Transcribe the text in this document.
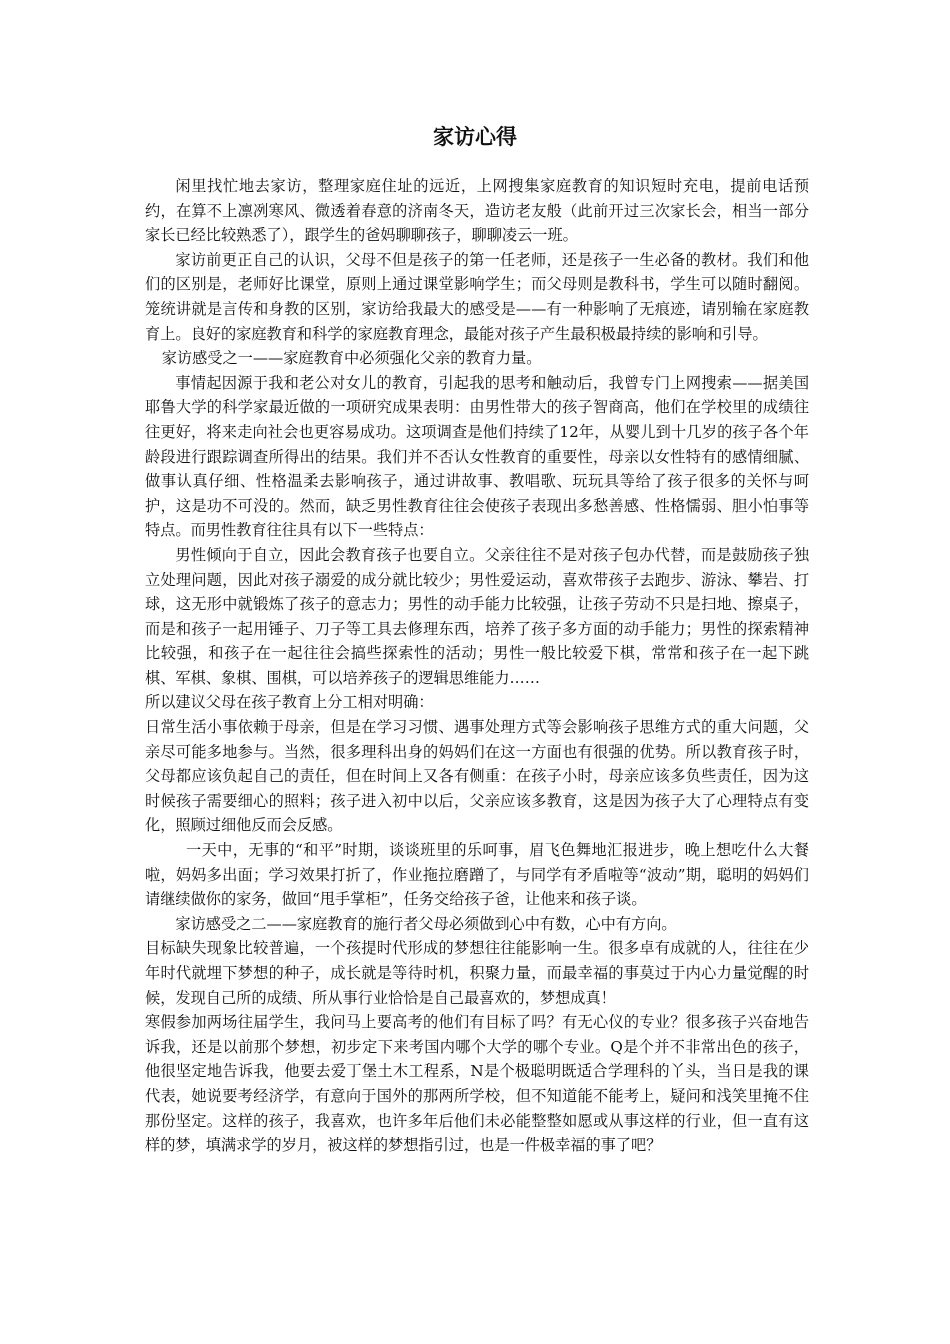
家访心得

闲里找忙地去家访，整理家庭住址的远近，上网搜集家庭教育的知识短时充电，提前电话预约，在算不上凛冽寒风、微透着春意的济南冬天，造访老友般（此前开过三次家长会，相当一部分家长已经比较熟悉了），跟学生的爸妈聊聊孩子，聊聊凌云一班。

家访前更正自己的认识，父母不但是孩子的第一任老师，还是孩子一生必备的教材。我们和他们的区别是，老师好比课堂，原则上通过课堂影响学生；而父母则是教科书，学生可以随时翻阅。笼统讲就是言传和身教的区别，家访给我最大的感受是——有一种影响了无痕迹，请别输在家庭教育上。良好的家庭教育和科学的家庭教育理念，最能对孩子产生最积极最持续的影响和引导。

家访感受之一——家庭教育中必须强化父亲的教育力量。

事情起因源于我和老公对女儿的教育，引起我的思考和触动后，我曾专门上网搜索——据美国耶鲁大学的科学家最近做的一项研究成果表明：由男性带大的孩子智商高，他们在学校里的成绩往往更好，将来走向社会也更容易成功。这项调查是他们持续了12年，从婴儿到十几岁的孩子各个年龄段进行跟踪调查所得出的结果。我们并不否认女性教育的重要性，母亲以女性特有的感情细腻、做事认真仔细、性格温柔去影响孩子，通过讲故事、教唱歌、玩玩具等给了孩子很多的关怀与呵护，这是功不可没的。然而，缺乏男性教育往往会使孩子表现出多愁善感、性格懦弱、胆小怕事等特点。而男性教育往往具有以下一些特点：

男性倾向于自立，因此会教育孩子也要自立。父亲往往不是对孩子包办代替，而是鼓励孩子独立处理问题，因此对孩子溺爱的成分就比较少；男性爱运动，喜欢带孩子去跑步、游泳、攀岩、打球，这无形中就锻炼了孩子的意志力；男性的动手能力比较强，让孩子劳动不只是扫地、擦桌子，而是和孩子一起用锤子、刀子等工具去修理东西，培养了孩子多方面的动手能力；男性的探索精神比较强，和孩子在一起往往会搞些探索性的活动；男性一般比较爱下棋，常常和孩子在一起下跳棋、军棋、象棋、围棋，可以培养孩子的逻辑思维能力……

所以建议父母在孩子教育上分工相对明确：

日常生活小事依赖于母亲，但是在学习习惯、遇事处理方式等会影响孩子思维方式的重大问题，父亲尽可能多地参与。当然，很多理科出身的妈妈们在这一方面也有很强的优势。所以教育孩子时，父母都应该负起自己的责任，但在时间上又各有侧重：在孩子小时，母亲应该多负些责任，因为这时候孩子需要细心的照料；孩子进入初中以后，父亲应该多教育，这是因为孩子大了心理特点有变化，照顾过细他反而会反感。

一天中，无事的“和平”时期，谈谈班里的乐呵事，眉飞色舞地汇报进步，晚上想吃什么大餐啦，妈妈多出面；学习效果打折了，作业拖拉磨蹭了，与同学有矛盾啦等“波动”期，聪明的妈妈们请继续做你的家务，做回“甩手掌柜”，任务交给孩子爸，让他来和孩子谈。

家访感受之二——家庭教育的施行者父母必须做到心中有数，心中有方向。

目标缺失现象比较普遍，一个孩提时代形成的梦想往往能影响一生。很多卓有成就的人，往往在少年时代就埋下梦想的种子，成长就是等待时机，积聚力量，而最幸福的事莫过于内心力量觉醒的时候，发现自己所的成绩、所从事行业恰恰是自己最喜欢的，梦想成真！

寒假参加两场往届学生，我问马上要高考的他们有目标了吗？有无心仪的专业？很多孩子兴奋地告诉我，还是以前那个梦想，初步定下来考国内哪个大学的哪个专业。Q是个并不非常出色的孩子，他很坚定地告诉我，他要去爱丁堡土木工程系，N是个极聪明既适合学理科的丫头，当日是我的课代表，她说要考经济学，有意向于国外的那两所学校，但不知道能不能考上，疑问和浅笑里掩不住那份坚定。这样的孩子，我喜欢，也许多年后他们未必能整整如愿或从事这样的行业，但一直有这样的梦，填满求学的岁月，被这样的梦想指引过，也是一件极幸福的事了吧？
